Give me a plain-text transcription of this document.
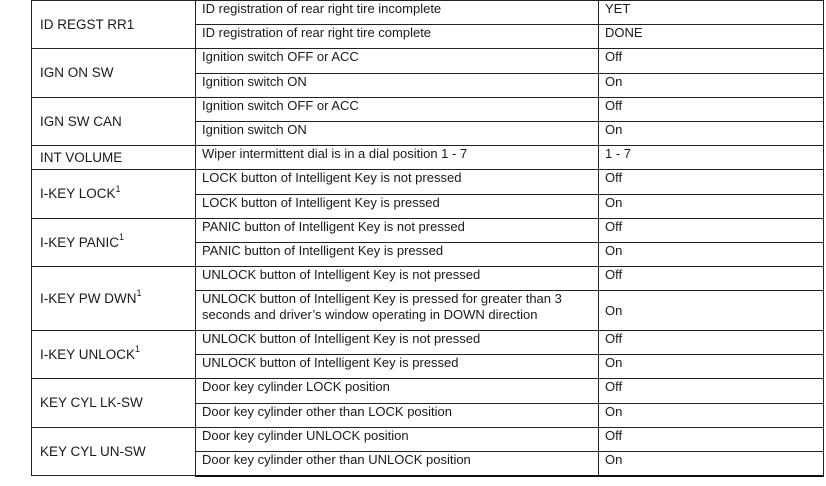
ID REGST RR1	ID registration of rear right tire incomplete	YET
	ID registration of rear right tire complete	DONE
IGN ON SW	Ignition switch OFF or ACC	Off
	Ignition switch ON	On
IGN SW CAN	Ignition switch OFF or ACC	Off
	Ignition switch ON	On
INT VOLUME	Wiper intermittent dial is in a dial position 1 - 7	1 - 7
I-KEY LOCK$^1$	LOCK button of Intelligent Key is not pressed	Off
	LOCK button of Intelligent Key is pressed	On
I-KEY PANIC$^1$	PANIC button of Intelligent Key is not pressed	Off
	PANIC button of Intelligent Key is pressed	On
I-KEY PW DWN$^1$	UNLOCK button of Intelligent Key is not pressed	Off
	UNLOCK button of Intelligent Key is pressed for greater than 3 seconds and driver’s window operating in DOWN direction	On
I-KEY UNLOCK$^1$	UNLOCK button of Intelligent Key is not pressed	Off
	UNLOCK button of Intelligent Key is pressed	On
KEY CYL LK-SW	Door key cylinder LOCK position	Off
	Door key cylinder other than LOCK position	On
KEY CYL UN-SW	Door key cylinder UNLOCK position	Off
	Door key cylinder other than UNLOCK position	On
